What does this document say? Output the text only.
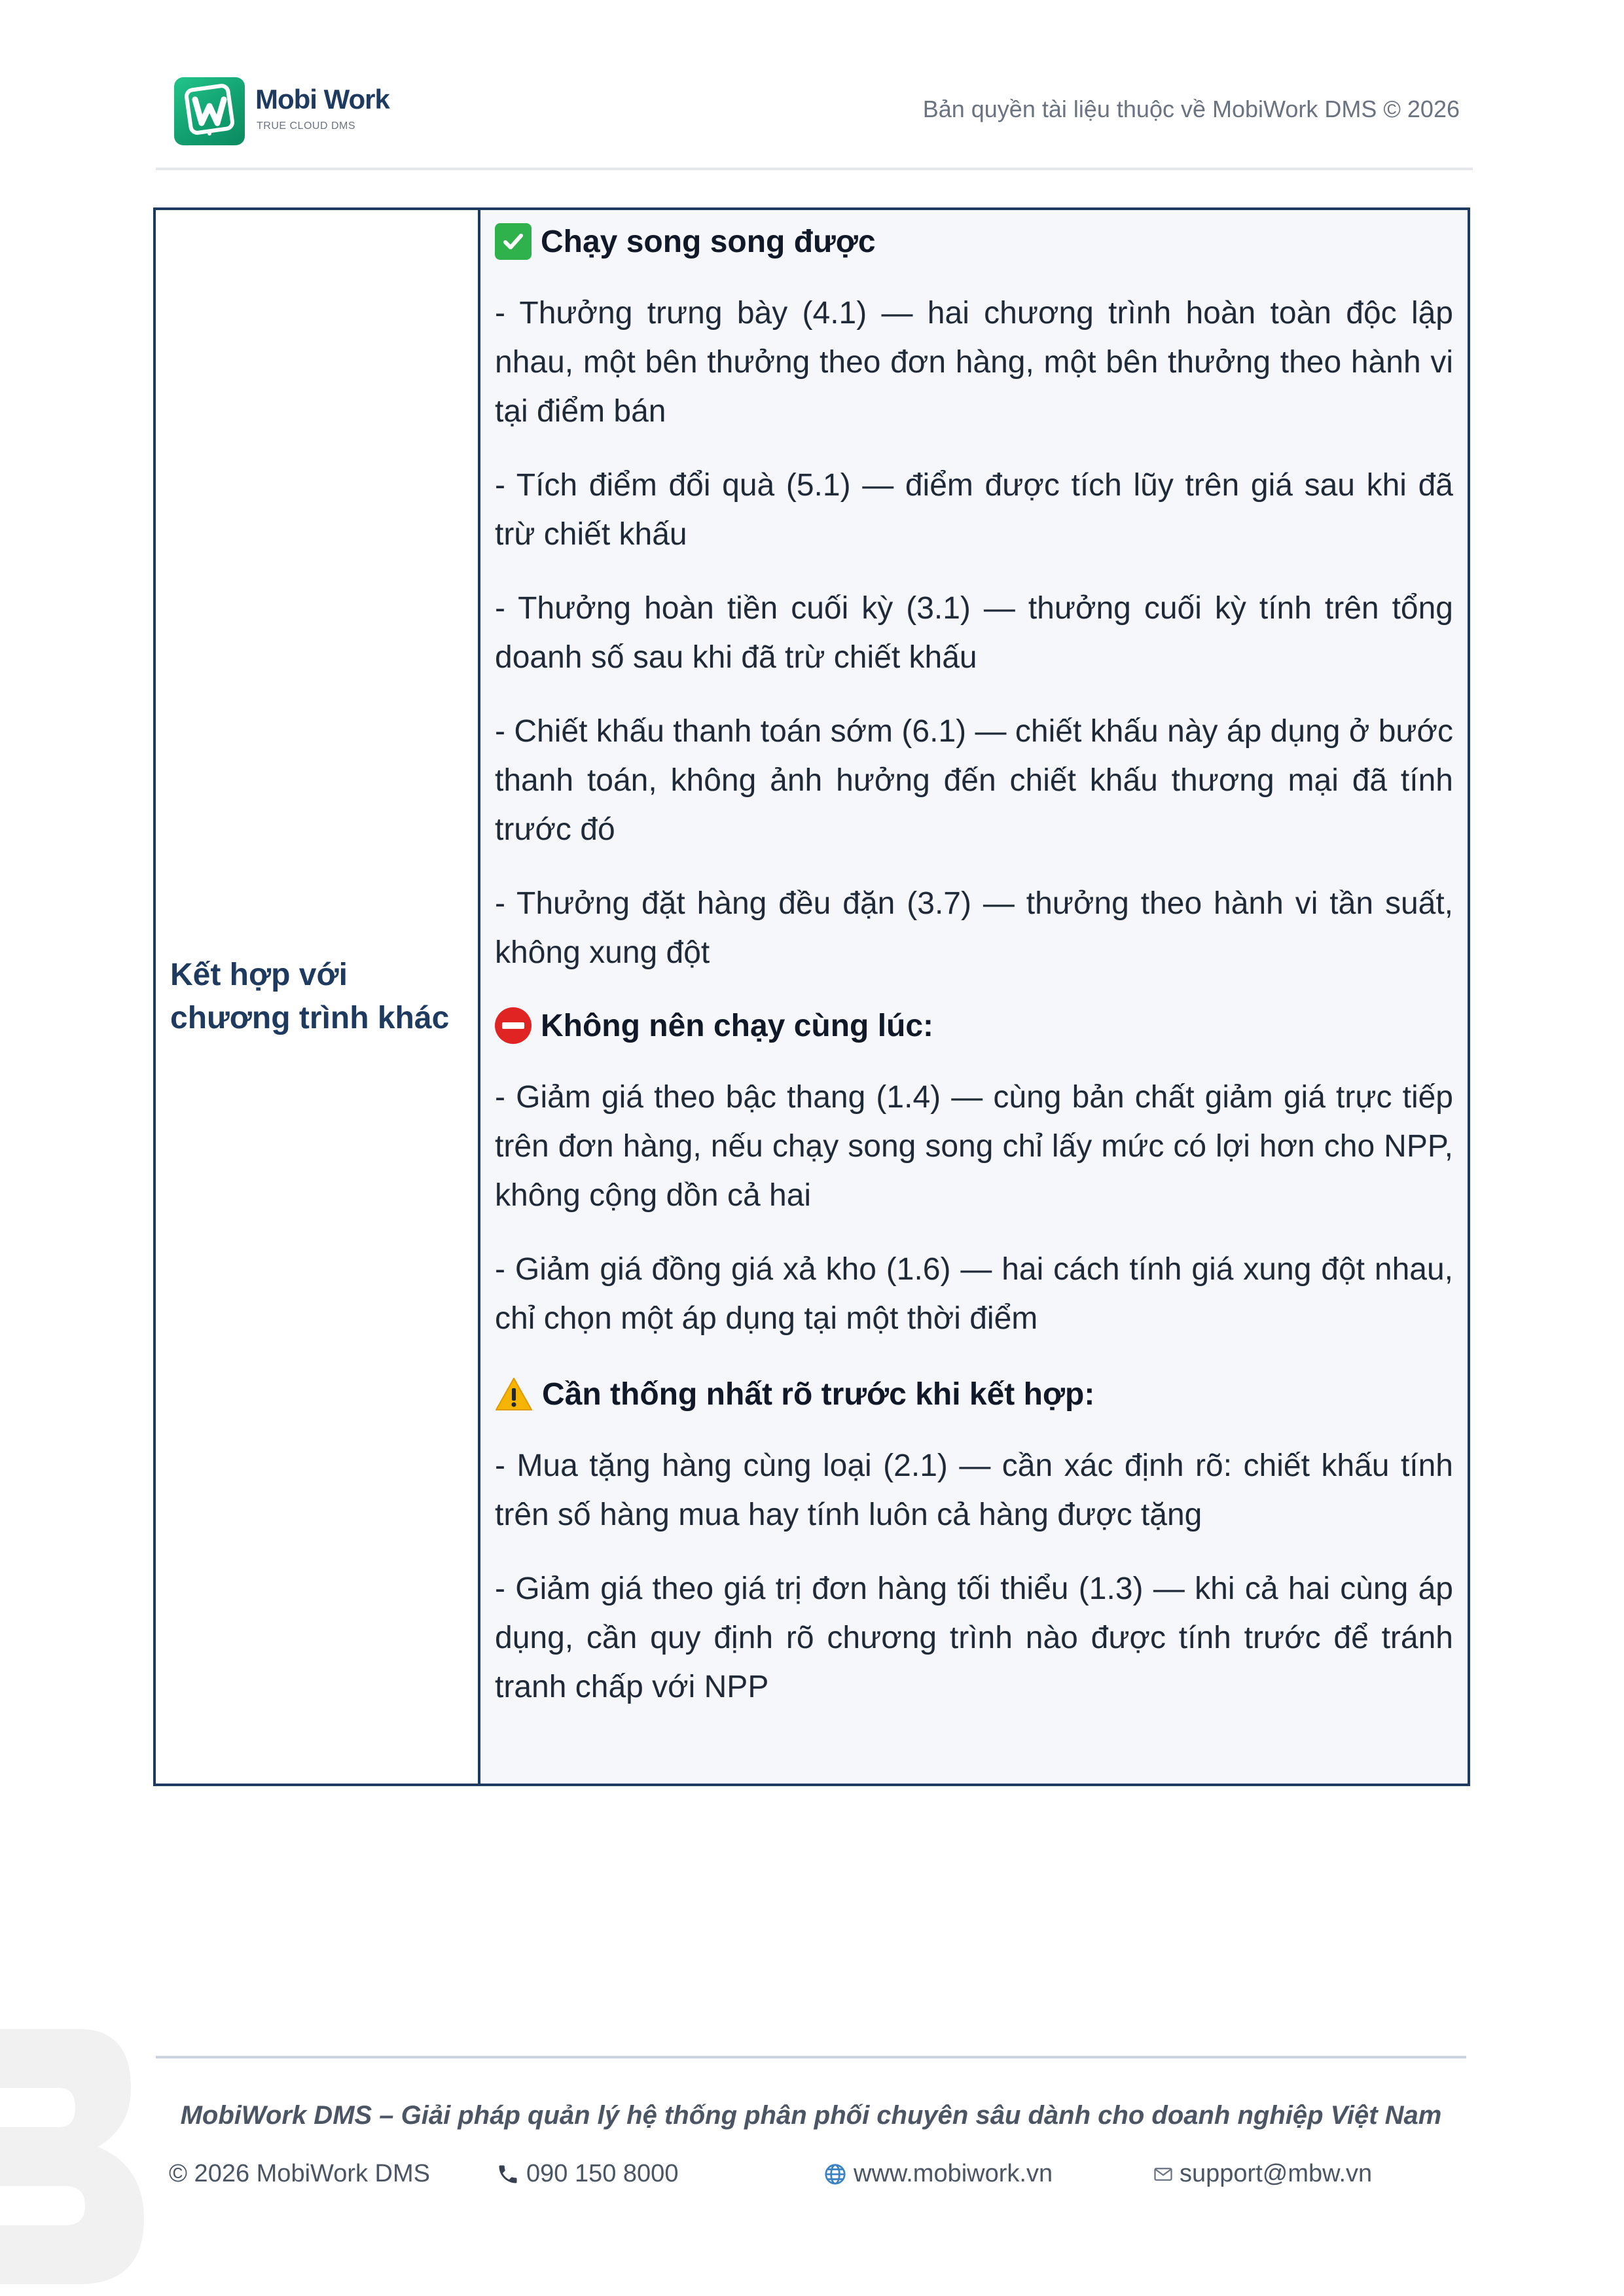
Mobi Work
TRUE CLOUD DMS
Bản quyền tài liệu thuộc về MobiWork DMS © 2026
Kết hợp với chương trình khác
Chạy song song được
- Thưởng trưng bày (4.1) — hai chương trình hoàn toàn độc lập nhau, một bên thưởng theo đơn hàng, một bên thưởng theo hành vi tại điểm bán
- Tích điểm đổi quà (5.1) — điểm được tích lũy trên giá sau khi đã trừ chiết khấu
- Thưởng hoàn tiền cuối kỳ (3.1) — thưởng cuối kỳ tính trên tổng doanh số sau khi đã trừ chiết khấu
- Chiết khấu thanh toán sớm (6.1) — chiết khấu này áp dụng ở bước thanh toán, không ảnh hưởng đến chiết khấu thương mại đã tính trước đó
- Thưởng đặt hàng đều đặn (3.7) — thưởng theo hành vi tần suất, không xung đột
Không nên chạy cùng lúc:
- Giảm giá theo bậc thang (1.4) — cùng bản chất giảm giá trực tiếp trên đơn hàng, nếu chạy song song chỉ lấy mức có lợi hơn cho NPP, không cộng dồn cả hai
- Giảm giá đồng giá xả kho (1.6) — hai cách tính giá xung đột nhau, chỉ chọn một áp dụng tại một thời điểm
Cần thống nhất rõ trước khi kết hợp:
- Mua tặng hàng cùng loại (2.1) — cần xác định rõ: chiết khấu tính trên số hàng mua hay tính luôn cả hàng được tặng
- Giảm giá theo giá trị đơn hàng tối thiểu (1.3) — khi cả hai cùng áp dụng, cần quy định rõ chương trình nào được tính trước để tránh tranh chấp với NPP
MobiWork DMS – Giải pháp quản lý hệ thống phân phối chuyên sâu dành cho doanh nghiệp Việt Nam
© 2026 MobiWork DMS	090 150 8000	www.mobiwork.vn	support@mbw.vn
